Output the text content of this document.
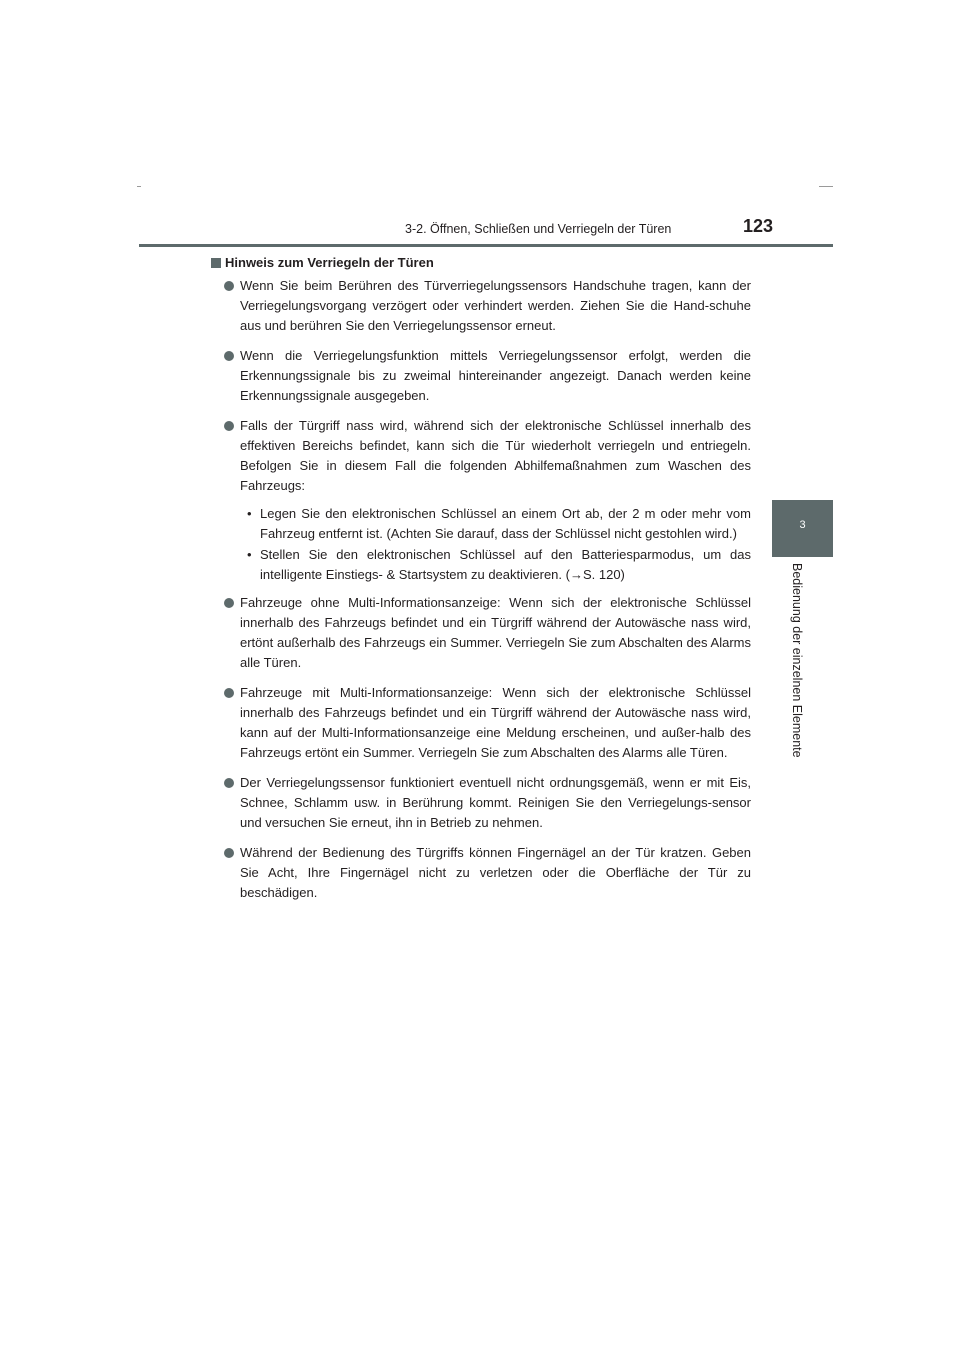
3-2. Öffnen, Schließen und Verriegeln der Türen	123
3
Bedienung der einzelnen Elemente
Hinweis zum Verriegeln der Türen
Wenn Sie beim Berühren des Türverriegelungssensors Handschuhe tragen, kann der Verriegelungsvorgang verzögert oder verhindert werden. Ziehen Sie die Hand-schuhe aus und berühren Sie den Verriegelungssensor erneut.
Wenn die Verriegelungsfunktion mittels Verriegelungssensor erfolgt, werden die Erkennungssignale bis zu zweimal hintereinander angezeigt. Danach werden keine Erkennungssignale ausgegeben.
Falls der Türgriff nass wird, während sich der elektronische Schlüssel innerhalb des effektiven Bereichs befindet, kann sich die Tür wiederholt verriegeln und entriegeln. Befolgen Sie in diesem Fall die folgenden Abhilfemaßnahmen zum Waschen des Fahrzeugs:
• Legen Sie den elektronischen Schlüssel an einem Ort ab, der 2 m oder mehr vom Fahrzeug entfernt ist. (Achten Sie darauf, dass der Schlüssel nicht gestohlen wird.)
• Stellen Sie den elektronischen Schlüssel auf den Batteriesparmodus, um das intelligente Einstiegs- & Startsystem zu deaktivieren. (→S. 120)
Fahrzeuge ohne Multi-Informationsanzeige: Wenn sich der elektronische Schlüssel innerhalb des Fahrzeugs befindet und ein Türgriff während der Autowäsche nass wird, ertönt außerhalb des Fahrzeugs ein Summer. Verriegeln Sie zum Abschalten des Alarms alle Türen.
Fahrzeuge mit Multi-Informationsanzeige: Wenn sich der elektronische Schlüssel innerhalb des Fahrzeugs befindet und ein Türgriff während der Autowäsche nass wird, kann auf der Multi-Informationsanzeige eine Meldung erscheinen, und außer-halb des Fahrzeugs ertönt ein Summer. Verriegeln Sie zum Abschalten des Alarms alle Türen.
Der Verriegelungssensor funktioniert eventuell nicht ordnungsgemäß, wenn er mit Eis, Schnee, Schlamm usw. in Berührung kommt. Reinigen Sie den Verriegelungs-sensor und versuchen Sie erneut, ihn in Betrieb zu nehmen.
Während der Bedienung des Türgriffs können Fingernägel an der Tür kratzen. Geben Sie Acht, Ihre Fingernägel nicht zu verletzen oder die Oberfläche der Tür zu beschädigen.
